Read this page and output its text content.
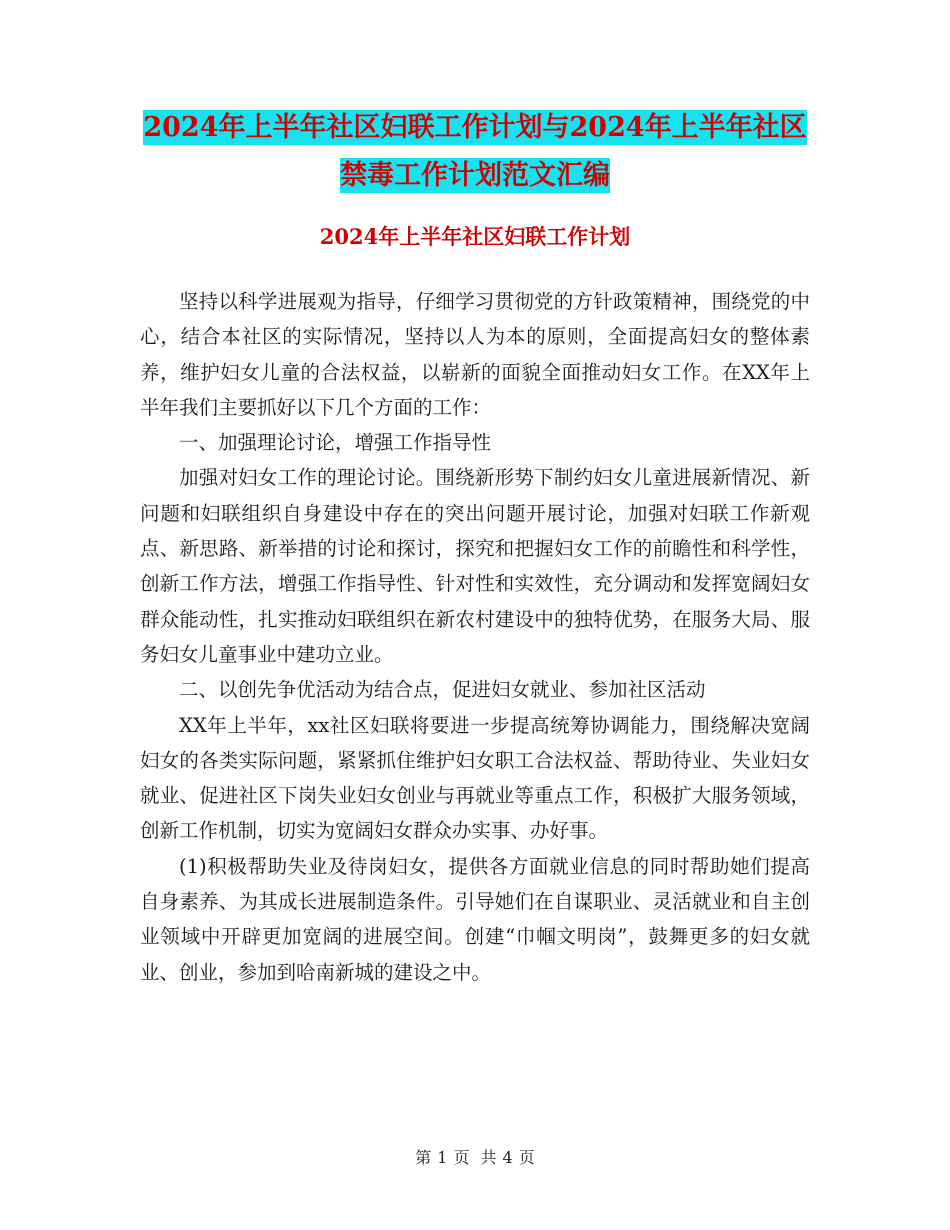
2024年上半年社区妇联工作计划与2024年上半年社区
禁毒工作计划范文汇编
2024年上半年社区妇联工作计划

坚持以科学进展观为指导，仔细学习贯彻党的方针政策精神，围绕党的中心，结合本社区的实际情况，坚持以人为本的原则，全面提高妇女的整体素养，维护妇女儿童的合法权益，以崭新的面貌全面推动妇女工作。在XX年上半年我们主要抓好以下几个方面的工作：

一、加强理论讨论，增强工作指导性

加强对妇女工作的理论讨论。围绕新形势下制约妇女儿童进展新情况、新问题和妇联组织自身建设中存在的突出问题开展讨论，加强对妇联工作新观点、新思路、新举措的讨论和探讨，探究和把握妇女工作的前瞻性和科学性，创新工作方法，增强工作指导性、针对性和实效性，充分调动和发挥宽阔妇女群众能动性，扎实推动妇联组织在新农村建设中的独特优势，在服务大局、服务妇女儿童事业中建功立业。

二、以创先争优活动为结合点，促进妇女就业、参加社区活动

XX年上半年，xx社区妇联将要进一步提高统筹协调能力，围绕解决宽阔妇女的各类实际问题，紧紧抓住维护妇女职工合法权益、帮助待业、失业妇女就业、促进社区下岗失业妇女创业与再就业等重点工作，积极扩大服务领域，创新工作机制，切实为宽阔妇女群众办实事、办好事。

(1)积极帮助失业及待岗妇女，提供各方面就业信息的同时帮助她们提高自身素养、为其成长进展制造条件。引导她们在自谋职业、灵活就业和自主创业领域中开辟更加宽阔的进展空间。创建“巾帼文明岗”，鼓舞更多的妇女就业、创业，参加到哈南新城的建设之中。

第 1 页 共 4 页
